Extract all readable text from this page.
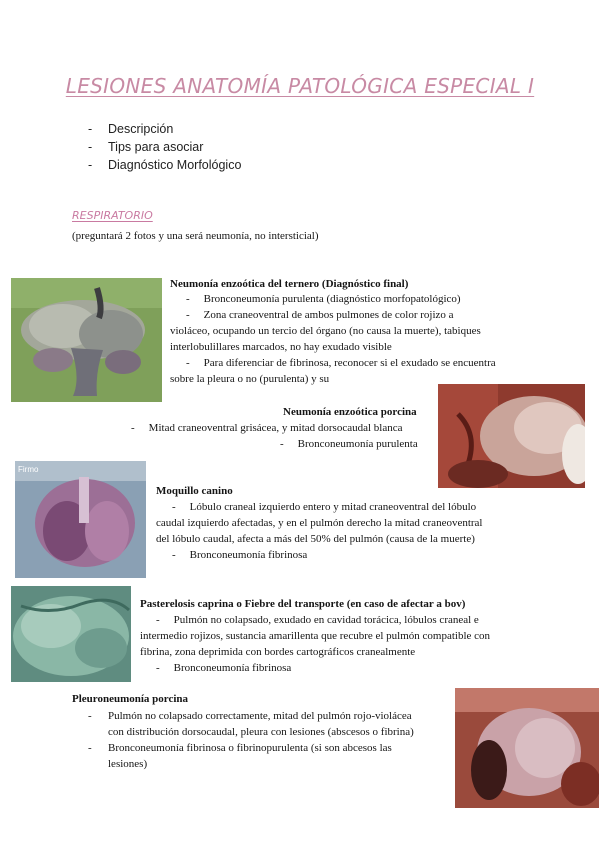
LESIONES ANATOMÍA PATOLÓGICA ESPECIAL I
- Descripción
- Tips para asociar
- Diagnóstico Morfológico
RESPIRATORIO
(preguntará 2 fotos y una será neumonía, no intersticial)
Neumonía enzoótica del ternero (Diagnóstico final)
- Bronconeumonía purulenta (diagnóstico morfopatológico)
- Zona craneoventral de ambos pulmones de color rojizo a
violáceo, ocupando un tercio del órgano (no causa la muerte), tabiques
interlobulillares marcados, no hay exudado visible
- Para diferenciar de fibrinosa, reconocer si el exudado se encuentra
sobre la pleura o no (purulenta) y su
Neumonía enzoótica porcina
- Mitad craneoventral grisácea, y mitad dorsocaudal blanca
- Bronconeumonía purulenta
Firmo
Moquillo canino
- Lóbulo craneal izquierdo entero y mitad craneoventral del lóbulo
caudal izquierdo afectadas, y en el pulmón derecho la mitad craneoventral
del lóbulo caudal, afecta a más del 50% del pulmón (causa de la muerte)
- Bronconeumonía fibrinosa
Pasterelosis caprina o Fiebre del transporte (en caso de afectar a bov)
- Pulmón no colapsado, exudado en cavidad torácica, lóbulos craneal e
intermedio rojizos, sustancia amarillenta que recubre el pulmón compatible con
fibrina, zona deprimida con bordes cartográficos cranealmente
- Bronconeumonía fibrinosa
Pleuroneumonía porcina
- Pulmón no colapsado correctamente, mitad del pulmón rojo-violácea
con distribución dorsocaudal, pleura con lesiones (abscesos o fibrina)
- Bronconeumonía fibrinosa o fibrinopurulenta (si son abcesos las
lesiones)
